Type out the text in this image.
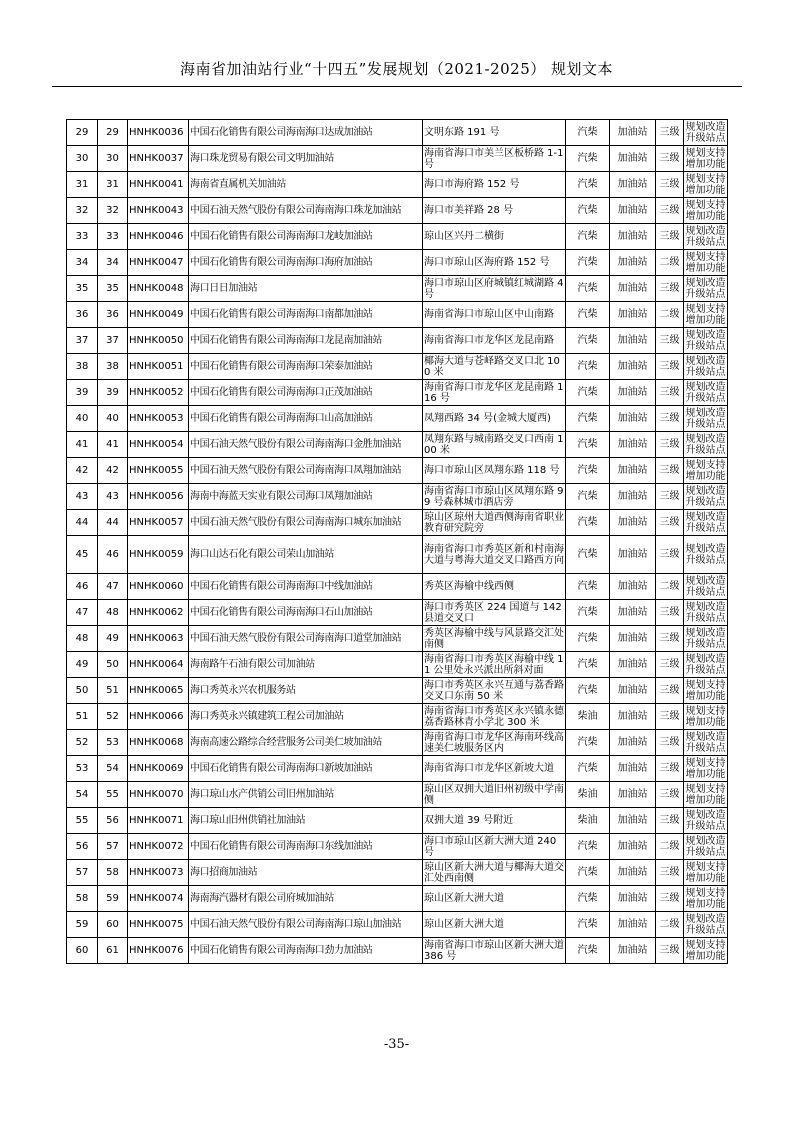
海南省加油站行业“十四五”发展规划（2021-2025） 规划文本
29	29	HNHK0036	中国石化销售有限公司海南海口达成加油站	文明东路 191 号	汽柴	加油站	三级	规划改造
升级站点

30	30	HNHK0037	海口珠龙贸易有限公司文明加油站	海南省海口市美兰区板桥路 1-1 号	汽柴	加油站	三级	规划支持
增加功能

31	31	HNHK0041	海南省直属机关加油站	海口市海府路 152 号	汽柴	加油站	三级	规划支持
增加功能

32	32	HNHK0043	中国石油天然气股份有限公司海南海口珠龙加油站	海口市美祥路 28 号	汽柴	加油站	三级	规划支持
增加功能

33	33	HNHK0046	中国石化销售有限公司海南海口龙岐加油站	琼山区兴丹二横街	汽柴	加油站	三级	规划改造
升级站点

34	34	HNHK0047	中国石化销售有限公司海南海口海府加油站	海口市琼山区海府路 152 号	汽柴	加油站	二级	规划支持
增加功能

35	35	HNHK0048	海口日日加油站	海口市琼山区府城镇红城湖路 4 号	汽柴	加油站	三级	规划改造
升级站点

36	36	HNHK0049	中国石化销售有限公司海南海口南都加油站	海南省海口市琼山区中山南路	汽柴	加油站	二级	规划支持
增加功能

37	37	HNHK0050	中国石化销售有限公司海南海口龙昆南加油站	海南省海口市龙华区龙昆南路	汽柴	加油站	三级	规划改造
升级站点

38	38	HNHK0051	中国石化销售有限公司海南海口荣泰加油站	椰海大道与苍峄路交叉口北 100 米	汽柴	加油站	三级	规划改造
升级站点

39	39	HNHK0052	中国石化销售有限公司海南海口正茂加油站	海南省海口市龙华区龙昆南路 116 号	汽柴	加油站	三级	规划改造
升级站点

40	40	HNHK0053	中国石化销售有限公司海南海口山高加油站	凤翔西路 34 号(金城大厦西)	汽柴	加油站	三级	规划改造
升级站点

41	41	HNHK0054	中国石油天然气股份有限公司海南海口金胜加油站	凤翔东路与城南路交叉口西南 100 米	汽柴	加油站	三级	规划改造
升级站点

42	42	HNHK0055	中国石油天然气股份有限公司海南海口凤翔加油站	海口市琼山区凤翔东路 118 号	汽柴	加油站	三级	规划支持
增加功能

43	43	HNHK0056	海南中海蓝天实业有限公司海口凤翔加油站	海南省海口市琼山区凤翔东路 99 号森林城市酒店旁	汽柴	加油站	三级	规划改造
升级站点

44	44	HNHK0057	中国石油天然气股份有限公司海南海口城东加油站	琼山区琼州大道西侧海南省职业教育研究院旁	汽柴	加油站	三级	规划改造
升级站点

45	46	HNHK0059	海口山达石化有限公司荣山加油站	海南省海口市秀英区新和村南海大道与粤海大道交叉口路西方向	汽柴	加油站	三级	规划改造
升级站点

46	47	HNHK0060	中国石化销售有限公司海南海口中线加油站	秀英区海榆中线西侧	汽柴	加油站	二级	规划改造
升级站点

47	48	HNHK0062	中国石化销售有限公司海南海口石山加油站	海口市秀英区 224 国道与 142 县道交叉口	汽柴	加油站	三级	规划改造
升级站点

48	49	HNHK0063	中国石油天然气股份有限公司海南海口道堂加油站	秀英区海榆中线与风景路交汇处南侧	汽柴	加油站	三级	规划改造
升级站点

49	50	HNHK0064	海南路午石油有限公司加油站	海南省海口市秀英区海榆中线 11 公里处永兴派出所斜对面	汽柴	加油站	三级	规划改造
升级站点

50	51	HNHK0065	海口秀英永兴农机服务站	海口市秀英区永兴互通与荔香路交叉口东南 50 米	汽柴	加油站	三级	规划支持
增加功能

51	52	HNHK0066	海口秀英永兴镇建筑工程公司加油站	海南省海口市秀英区永兴镇永德荔香路林青小学北 300 米	柴油	加油站	三级	规划支持
增加功能

52	53	HNHK0068	海南高速公路综合经营服务公司美仁坡加油站	海南省海口市龙华区海南环线高速美仁坡服务区内	汽柴	加油站	三级	规划改造
升级站点

53	54	HNHK0069	中国石化销售有限公司海南海口新坡加油站	海南省海口市龙华区新坡大道	汽柴	加油站	三级	规划支持
增加功能

54	55	HNHK0070	海口琼山水产供销公司旧州加油站	琼山区双拥大道旧州初级中学南侧	柴油	加油站	三级	规划支持
增加功能

55	56	HNHK0071	海口琼山旧州供销社加油站	双拥大道 39 号附近	柴油	加油站	三级	规划改造
升级站点

56	57	HNHK0072	中国石化销售有限公司海南海口东线加油站	海口市琼山区新大洲大道 240 号	汽柴	加油站	二级	规划改造
升级站点

57	58	HNHK0073	海口招商加油站	琼山区新大洲大道与椰海大道交汇处西南侧	汽柴	加油站	三级	规划支持
增加功能

58	59	HNHK0074	海南海汽器材有限公司府城加油站	琼山区新大洲大道	汽柴	加油站	三级	规划支持
增加功能

59	60	HNHK0075	中国石油天然气股份有限公司海南海口琼山加油站	琼山区新大洲大道	汽柴	加油站	二级	规划改造
升级站点

60	61	HNHK0076	中国石化销售有限公司海南海口劲力加油站	海南省海口市琼山区新大洲大道 386 号	汽柴	加油站	三级	规划支持
增加功能
-35-
